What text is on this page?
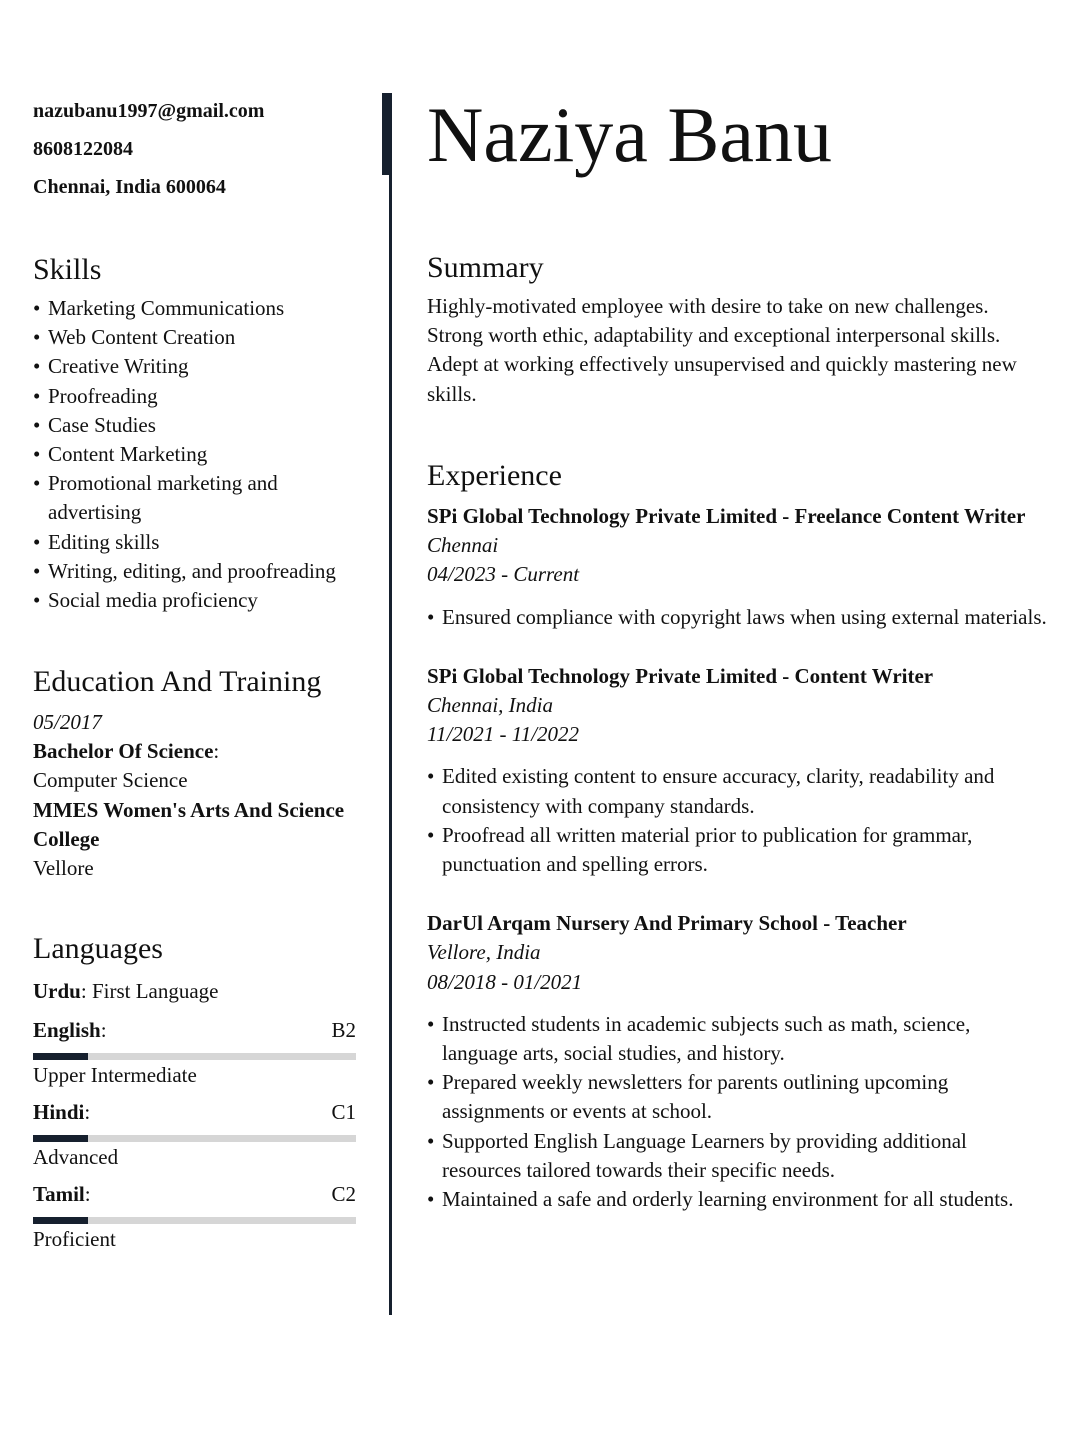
nazubanu1997@gmail.com
8608122084
Chennai, India 600064
Skills
• Marketing Communications
• Web Content Creation
• Creative Writing
• Proofreading
• Case Studies
• Content Marketing
• Promotional marketing and advertising
• Editing skills
• Writing, editing, and proofreading
• Social media proficiency
Education And Training
05/2017
Bachelor Of Science:
Computer Science
MMES Women's Arts And Science College
Vellore
Languages
Urdu: First Language
English:	B2
Upper Intermediate
Hindi:	C1
Advanced
Tamil:	C2
Proficient
Naziya Banu
Summary

Highly-motivated employee with desire to take on new challenges. Strong worth ethic, adaptability and exceptional interpersonal skills. Adept at working effectively unsupervised and quickly mastering new skills.

Experience
SPi Global Technology Private Limited - Freelance Content Writer
Chennai
04/2023 - Current
• Ensured compliance with copyright laws when using external materials.
SPi Global Technology Private Limited - Content Writer
Chennai, India
11/2021 - 11/2022
• Edited existing content to ensure accuracy, clarity, readability and consistency with company standards.
• Proofread all written material prior to publication for grammar, punctuation and spelling errors.
DarUl Arqam Nursery And Primary School - Teacher
Vellore, India
08/2018 - 01/2021
• Instructed students in academic subjects such as math, science, language arts, social studies, and history.
• Prepared weekly newsletters for parents outlining upcoming assignments or events at school.
• Supported English Language Learners by providing additional resources tailored towards their specific needs.
• Maintained a safe and orderly learning environment for all students.
